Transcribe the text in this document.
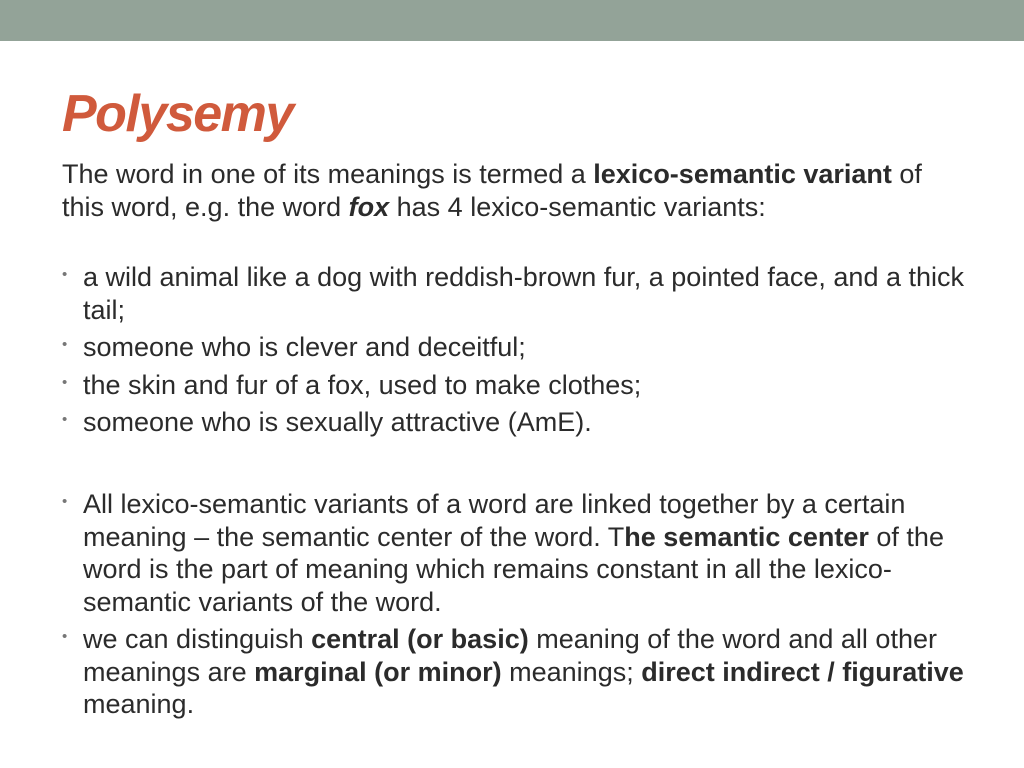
Polysemy

The word in one of its meanings is termed a lexico-semantic variant of this word, e.g. the word fox has 4 lexico-semantic variants:

• a wild animal like a dog with reddish-brown fur, a pointed face, and a thick tail;
• someone who is clever and deceitful;
• the skin and fur of a fox, used to make clothes;
• someone who is sexually attractive (AmE).
• All lexico-semantic variants of a word are linked together by a certain meaning – the semantic center of the word. The semantic center of the word is the part of meaning which remains constant in all the lexico-semantic variants of the word.
• we can distinguish central (or basic) meaning of the word and all other meanings are marginal (or minor) meanings; direct indirect / figurative meaning.
